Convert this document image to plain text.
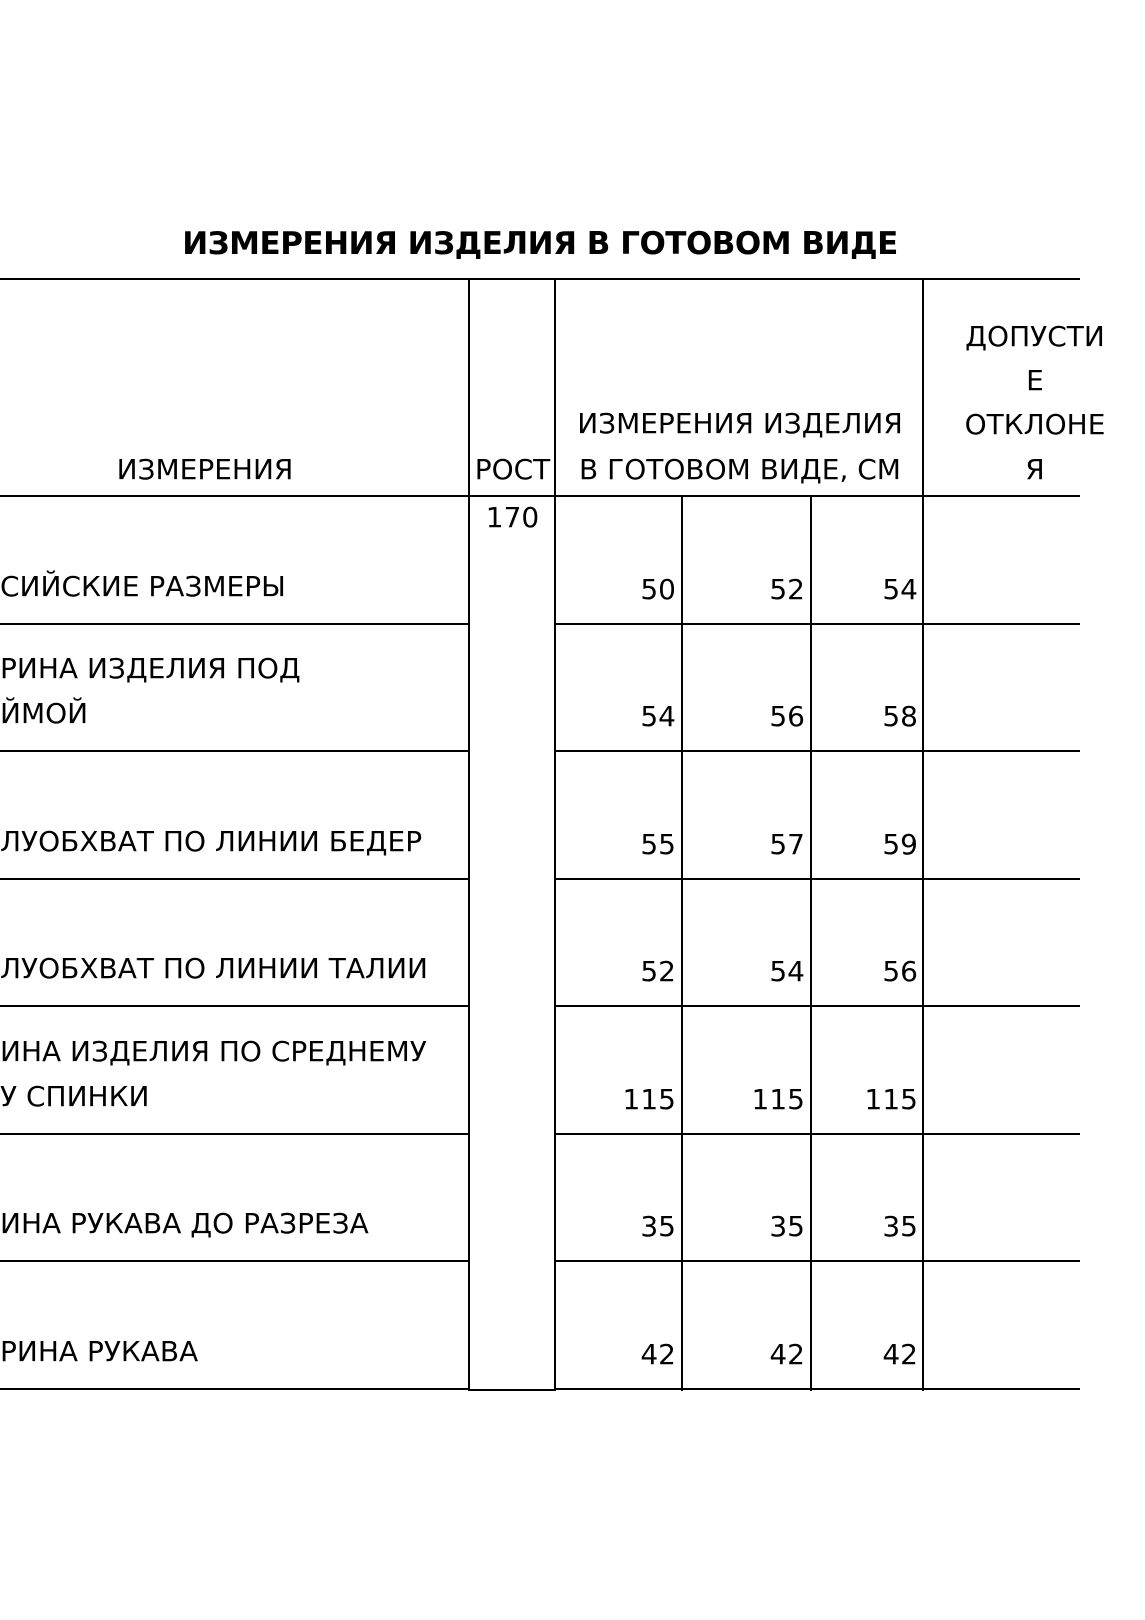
ИЗМЕРЕНИЯ ИЗДЕЛИЯ В ГОТОВОМ ВИДЕ
ИЗМЕРЕНИЯ	РОСТ
ИЗМЕРЕНИЯ ИЗДЕЛИЯ
В ГОТОВОМ ВИДЕ, СМ
ДОПУСТИ
Е
ОТКЛОНЕ
Я
170
СИЙСКИЕ РАЗМЕРЫ	50	52	54
РИНА ИЗДЕЛИЯ ПОД
ЙМОЙ	54	56	58
ЛУОБХВАТ ПО ЛИНИИ БЕДЕР	55	57	59
ЛУОБХВАТ ПО ЛИНИИ ТАЛИИ	52	54	56
ИНА ИЗДЕЛИЯ ПО СРЕДНЕМУ
У СПИНКИ	115	115	115
ИНА РУКАВА ДО РАЗРЕЗА	35	35	35
РИНА РУКАВА	42	42	42
